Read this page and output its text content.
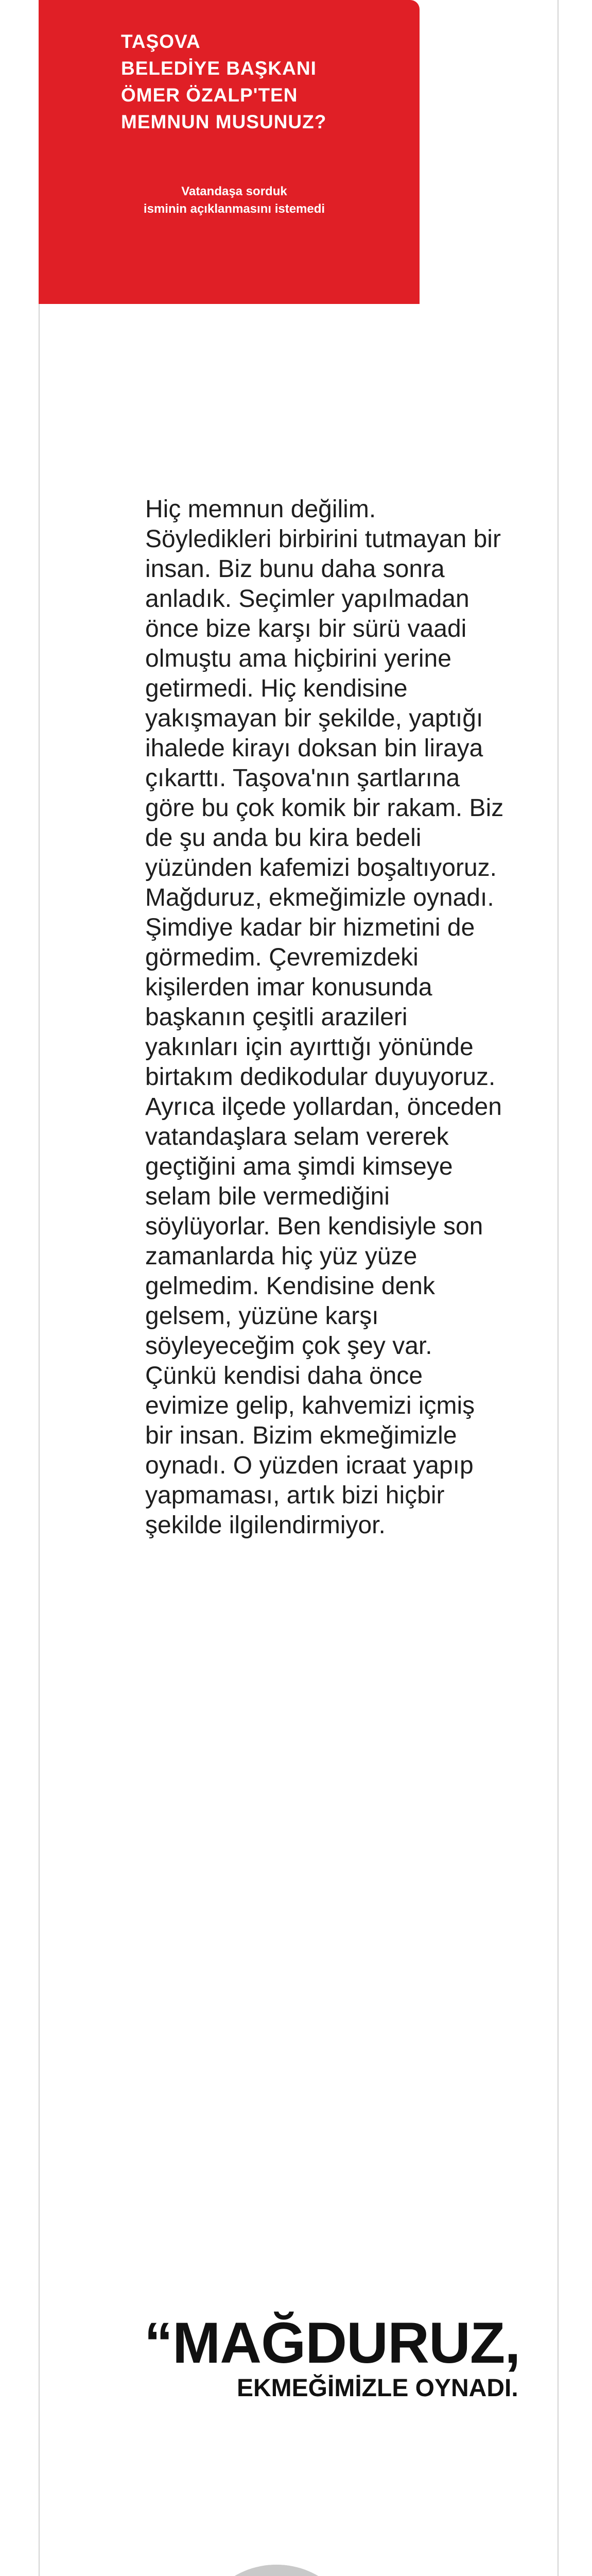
TAŞOVA
BELEDİYE BAŞKANI
ÖMER ÖZALP'TEN
MEMNUN MUSUNUZ?
Vatandaşa sorduk
isminin açıklanmasını istemedi

Hiç memnun değilim. Söyledikleri birbirini tutmayan bir insan. Biz bunu daha sonra anladık. Seçimler yapılmadan önce bize karşı bir sürü vaadi olmuştu ama hiçbirini yerine getirmedi. Hiç kendisine yakışmayan bir şekilde, yaptığı ihalede kirayı doksan bin liraya çıkarttı. Taşova'nın şartlarına göre bu çok komik bir rakam. Biz de şu anda bu kira bedeli yüzünden kafemizi boşaltıyoruz. Mağduruz, ekmeğimizle oynadı. Şimdiye kadar bir hizmetini de görmedim. Çevremizdeki kişilerden imar konusunda başkanın çeşitli arazileri yakınları için ayırttığı yönünde birtakım dedikodular duyuyoruz. Ayrıca ilçede yollardan, önceden vatandaşlara selam vererek geçtiğini ama şimdi kimseye selam bile vermediğini söylüyorlar. Ben kendisiyle son zamanlarda hiç yüz yüze gelmedim. Kendisine denk gelsem, yüzüne karşı söyleyeceğim çok şey var. Çünkü kendisi daha önce evimize gelip, kahvemizi içmiş bir insan. Bizim ekmeğimizle oynadı. O yüzden icraat yapıp yapmaması, artık bizi hiçbir şekilde ilgilendirmiyor.

“MAĞDURUZ,
EKMEĞİMİZLE OYNADI.
